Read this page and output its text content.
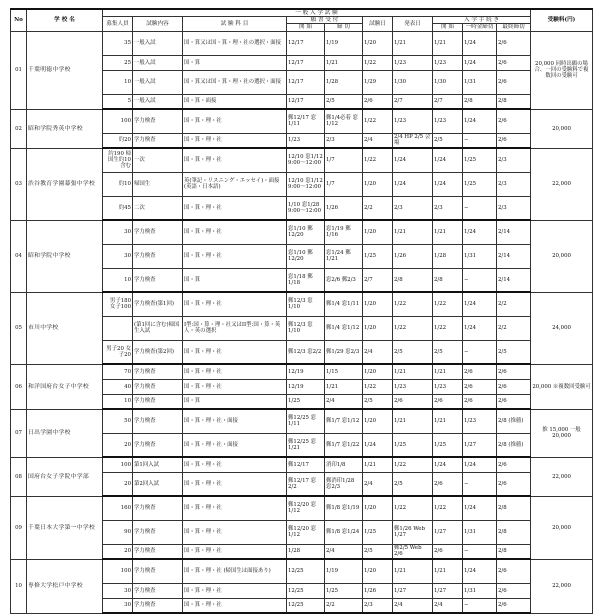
No	学 校 名	一 般 入 学 試 験										受験料(円)
		募集人員	試験内容	試 験 科 目	願 書 受 付		試験日	発表日	入 学 手 続 き			
					開 始	締 切			開 始	一時金締切	最終締切	
01	千葉明徳中学校	35	一般入試	国・算又は国・算・理・社の選択・面接	12/17	1/19	1/20	1/21	1/21	1/24	2/6	20,000 同時出願の場合、一回の受験料で複数回の受験可
		25	一般入試	国・算	12/17	1/21	1/22	1/23	1/23	1/24	2/6	
		10	一般入試	国・算又は国・算・理・社の選択・面接	12/17	1/28	1/29	1/30	1/30	1/31	2/6	
		5	一般入試	国・算・面接	12/17	2/5	2/6	2/7	2/7	2/8	2/8	
02	昭和学院秀英中学校	100	学力検査	国・算・理・社	郵12/17 窓1/11	郵1/4必着 窓1/12	1/22	1/23	1/23	1/24	2/6	20,000
		約20	学力検査	国・算・理・社	1/23	2/3	2/4	2/4 HP 2/5 会場	2/5	−	2/6	
03	渋谷教育学園幕張中学校	約190 帰国生約10含む	一次	国・算・理・社	12/10 窓1/12 9:00〜12:00	1/7	1/22	1/24	1/24	1/25	2/3	22,000
		約10	帰国生	英(筆記・リスニング・エッセイ)・面接(英語・日本語)	12/10 窓1/12 9:00〜12:00	1/7	1/20	1/24	1/24	1/25	2/3	
		約45	二次	国・算・理・社	1/10 窓1/28 9:00〜12:00	1/26	2/2	2/3	2/3	−	2/3	
04	昭和学院中学校	30	学力検査	国・算・理・社	窓1/10 郵12/20	窓1/19 郵1/16	1/20	1/21	1/21	1/24	2/14	20,000
		30	学力検査	国・算・理・社	窓1/10 郵12/20	窓1/24 郵1/21	1/25	1/26	1/28	1/31	2/14	
		10	学力検査	国・算	窓1/18 郵1/18	窓2/6 郵2/3	2/7	2/8	2/8	−	2/14	
05	市川中学校	男子180 女子100	学力検査(第1回)	国・算・理・社	郵12/3 窓1/10	郵1/4 窓1/11	1/20	1/22	1/22	1/24	2/2	24,000
			(第1回に含む)帰国生入試	I型:国・算・理・社又はII型:国・算・英人・英の選択	郵12/3 窓1/10	郵1/4 窓1/12	1/20	1/22	1/22	1/24	2/2	
		男子20 女子20	学力検査(第2回)	国・算・理・社	郵12/3 窓2/2	郵1/29 窓2/3	2/4	2/5	2/5	−	2/5	
06	和洋国府台女子中学校	70	学力検査	国・算・理・社	12/19	1/15	1/20	1/21	1/21	2/6	2/6	20,000 ※複数回受験可
		40	学力検査	国・算・理・社	12/19	1/21	1/22	1/23	1/23	2/6	2/6	
		10	学力検査	国・算	1/25	2/4	2/5	2/6	2/6	2/6	2/6	
07	日出学園中学校	50	学力検査	国・算・理・社・面接	郵12/25 窓1/11	郵1/7 窓1/12	1/20	1/21	1/21	1/23	2/8 (推薦)	推 15,000 一般 20,000
		20	学力検査	国・算・理・社・面接	郵12/25 窓1/21	郵1/7 窓1/22	1/24	1/25	1/25	1/27	2/8 (推薦)	
08	国府台女子学院中学部	100	第1回入試	国・算・理・社	郵12/17	消印1/8	1/21	1/22	1/24	1/24	2/6	22,000
		20	第2回入試	国・算・理・社	郵12/17 窓2/2	郵消印1/28 窓2/3	2/4	2/5	2/6	−	2/6	
09	千葉日本大学第一中学校	160	学力検査	国・算・理・社	郵12/20 窓1/12	郵1/8 窓1/19	1/20	1/22	1/22	1/24	2/8	20,000
		90	学力検査	国・算・理・社	郵12/20 窓1/12	郵1/8 窓1/24	1/25	郵1/26 Web 1/27	1/27	1/31	2/8	
		20	学力検査	国・算・理・社	1/28	2/4	2/5	郵2/5 Web 2/6	2/6	−	2/8	
10	専修大学松戸中学校	100	学力検査	国・算・理・社 (帰国生は面接あり)	12/25	1/19	1/20	1/21	1/21	1/24	2/6	22,000
		30	学力検査	国・算・理・社	12/25	1/25	1/26	1/27	1/27	1/31	2/6	
		30	学力検査	国・算・理・社	12/25	2/2	2/3	2/4	2/4	−	2/6	
